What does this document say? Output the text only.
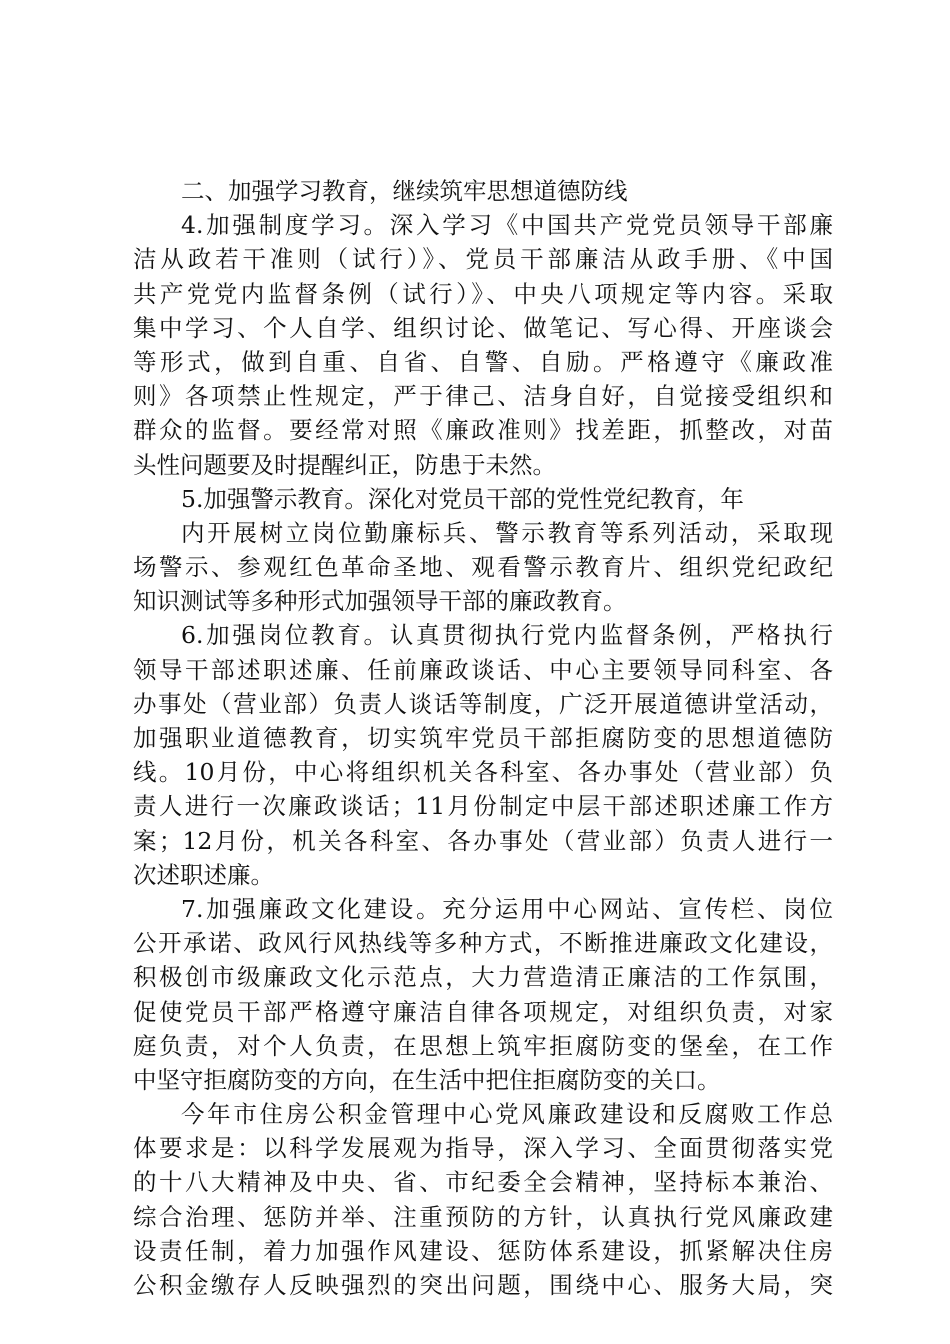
二、加强学习教育，继续筑牢思想道德防线
4.加强制度学习。深入学习《中国共产党党员领导干部廉
洁从政若干准则（试行）》、党员干部廉洁从政手册、《中国
共产党党内监督条例（试行）》、中央八项规定等内容。采取
集中学习、个人自学、组织讨论、做笔记、写心得、开座谈会
等形式，做到自重、自省、自警、自励。严格遵守《廉政准
则》各项禁止性规定，严于律己、洁身自好，自觉接受组织和
群众的监督。要经常对照《廉政准则》找差距，抓整改，对苗
头性问题要及时提醒纠正，防患于未然。
5.加强警示教育。深化对党员干部的党性党纪教育，年
内开展树立岗位勤廉标兵、警示教育等系列活动，采取现
场警示、参观红色革命圣地、观看警示教育片、组织党纪政纪
知识测试等多种形式加强领导干部的廉政教育。
6.加强岗位教育。认真贯彻执行党内监督条例，严格执行
领导干部述职述廉、任前廉政谈话、中心主要领导同科室、各
办事处（营业部）负责人谈话等制度，广泛开展道德讲堂活动，
加强职业道德教育，切实筑牢党员干部拒腐防变的思想道德防
线。10月份，中心将组织机关各科室、各办事处（营业部）负
责人进行一次廉政谈话；11月份制定中层干部述职述廉工作方
案；12月份，机关各科室、各办事处（营业部）负责人进行一
次述职述廉。
7.加强廉政文化建设。充分运用中心网站、宣传栏、岗位
公开承诺、政风行风热线等多种方式，不断推进廉政文化建设，
积极创市级廉政文化示范点，大力营造清正廉洁的工作氛围，
促使党员干部严格遵守廉洁自律各项规定，对组织负责，对家
庭负责，对个人负责，在思想上筑牢拒腐防变的堡垒，在工作
中坚守拒腐防变的方向，在生活中把住拒腐防变的关口。
今年市住房公积金管理中心党风廉政建设和反腐败工作总
体要求是：以科学发展观为指导，深入学习、全面贯彻落实党
的十八大精神及中央、省、市纪委全会精神，坚持标本兼治、
综合治理、惩防并举、注重预防的方针，认真执行党风廉政建
设责任制，着力加强作风建设、惩防体系建设，抓紧解决住房
公积金缴存人反映强烈的突出问题，围绕中心、服务大局，突
